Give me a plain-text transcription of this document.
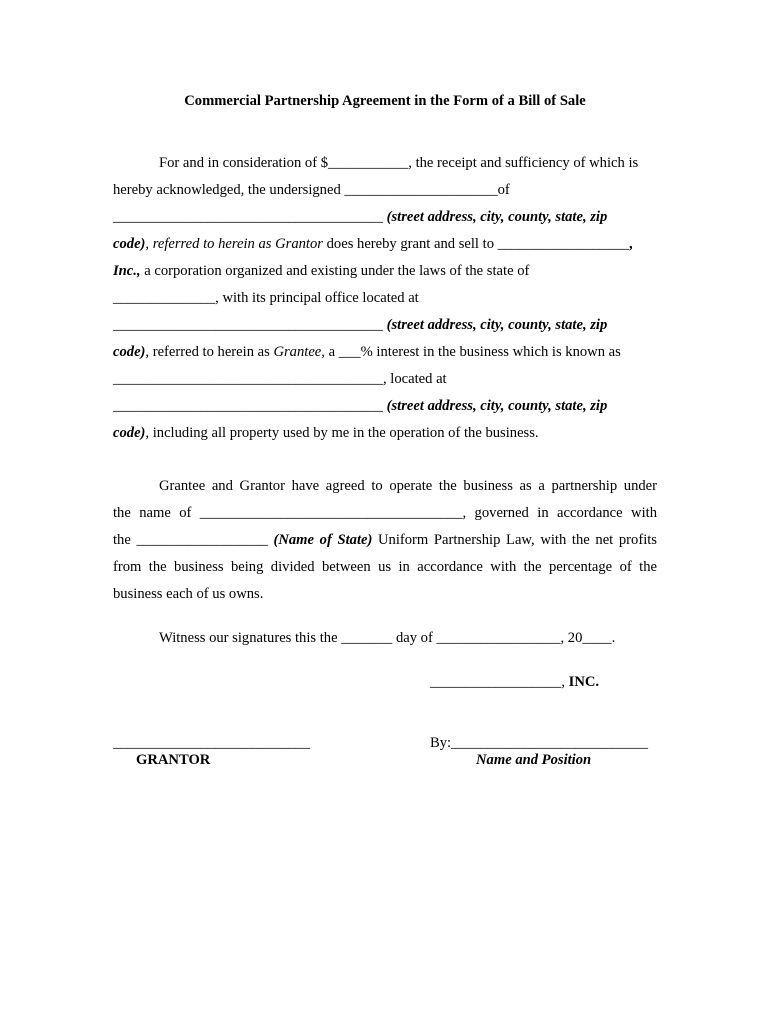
Commercial Partnership Agreement in the Form of a Bill of Sale
For and in consideration of $___________, the receipt and sufficiency of which is
hereby acknowledged, the undersigned _____________________of
_____________________________________ (street address, city, county, state, zip
code), referred to herein as Grantor does hereby grant and sell to __________________,
Inc., a corporation organized and existing under the laws of the state of
______________, with its principal office located at
_____________________________________ (street address, city, county, state, zip
code), referred to herein as Grantee, a ___% interest in the business which is known as
_____________________________________, located at
_____________________________________ (street address, city, county, state, zip
code), including all property used by me in the operation of the business.
Grantee and Grantor have agreed to operate the business as a partnership under
the name of ____________________________________, governed in accordance with
the __________________ (Name of State) Uniform Partnership Law, with the net profits
from the business being divided between us in accordance with the percentage of the
business each of us owns.
Witness our signatures this the _______ day of _________________, 20____.
__________________, INC.
___________________________
GRANTOR
By:___________________________
Name and Position
